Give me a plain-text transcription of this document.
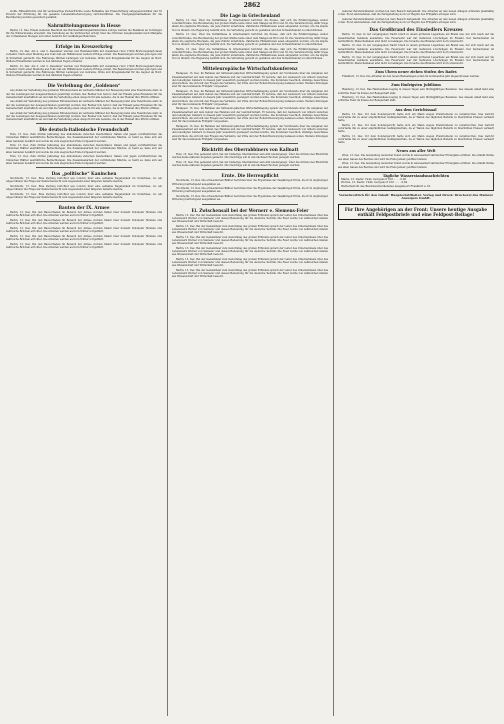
2862

stoffe, Hülsenfrüchte und für sechswertige Zuckerfrüchte sowie Rohkaffee der Preiserhöhung entgegenzuwirken und 35 Prozent der Erhöhung für die gesamte Lebensmittelversorgung zurückzuführen. Die Übergangsmaßnahmen für die Bevölkerung werden gesondert gestaltet.

Nahrmittelungsmesse in Hesse

Berlin, 13. Dez. Einem weiteren Beschluß des Reichsernährungsministeriums zufolge werden die Bestände an Vorratsgut für die Wintermonate erweitert. Die Verteilung an die Verbraucher erfolgt über die örtlichen Ausgabestellen nach Maßgabe der vorhandenen Mengen und unter Aufsicht der zuständigen Behörden.

Erfolge im Kreuzerkrieg

Berlin, 13. Dez. Am 2. und 3. Dezember wurden vier Handelsschiffe mit zusammen rund 17000 Bruttoregistertonnen versenkt. Nach einer Meldung aus Tokio hat ein Hilfskreuzer weitere Erfolge erzielt. Die Besatzungen wurden geborgen und in Sicherheit gebracht. Die Fahrzeuge führten Ladungen von Getreide, Wolle und Kriegsmaterial für die Gegner an Bord. Weitere Einzelheiten werden in den nächsten Tagen erwartet.

Berlin, 13. Dez. Am 2. und 3. Dezember wurden vier Handelsschiffe mit zusammen rund 17000 Bruttoregistertonnen versenkt. Nach einer Meldung aus Tokio hat ein Hilfskreuzer weitere Erfolge erzielt. Die Besatzungen wurden geborgen und in Sicherheit gebracht. Die Fahrzeuge führten Ladungen von Getreide, Wolle und Kriegsmaterial für die Gegner an Bord. Weitere Einzelheiten werden in den nächsten Tagen erwartet.

Die Verleihung der „Goldenen“

Aus Anlaß der Verleihung des goldenen Ehrenzeichens an verdiente Männer der Bewegung fand eine Feierstunde statt, in der die Leistungen der Ausgezeichneten gewürdigt wurden. Der Redner hob hervor, daß der Einsatz jedes Einzelnen für die Gemeinschaft unerläßlich sei und daß die Verleihung einen Ansporn für alle bedeute, die in der Heimat ihre Pflicht erfüllen.

Aus Anlaß der Verleihung des goldenen Ehrenzeichens an verdiente Männer der Bewegung fand eine Feierstunde statt, in der die Leistungen der Ausgezeichneten gewürdigt wurden. Der Redner hob hervor, daß der Einsatz jedes Einzelnen für die Gemeinschaft unerläßlich sei und daß die Verleihung einen Ansporn für alle bedeute, die in der Heimat ihre Pflicht erfüllen.

Aus Anlaß der Verleihung des goldenen Ehrenzeichens an verdiente Männer der Bewegung fand eine Feierstunde statt, in der die Leistungen der Ausgezeichneten gewürdigt wurden. Der Redner hob hervor, daß der Einsatz jedes Einzelnen für die Gemeinschaft unerläßlich sei und daß die Verleihung einen Ansporn für alle bedeute, die in der Heimat ihre Pflicht erfüllen.

Die deutsch-italienische Freundschaft

Rom, 13. Dez. Zum dritten Jahrestag des Abkommens zwischen Deutschland, Italien und Japan veröffentlichen die römischen Blätter ausführliche Betrachtungen. Die Zusammenarbeit der verbündeten Mächte, so heißt es, habe sich auf allen Gebieten bewährt und werde bis zum siegreichen Ende fortgesetzt werden.

Rom, 13. Dez. Zum dritten Jahrestag des Abkommens zwischen Deutschland, Italien und Japan veröffentlichen die römischen Blätter ausführliche Betrachtungen. Die Zusammenarbeit der verbündeten Mächte, so heißt es, habe sich auf allen Gebieten bewährt und werde bis zum siegreichen Ende fortgesetzt werden.

Rom, 13. Dez. Zum dritten Jahrestag des Abkommens zwischen Deutschland, Italien und Japan veröffentlichen die römischen Blätter ausführliche Betrachtungen. Die Zusammenarbeit der verbündeten Mächte, so heißt es, habe sich auf allen Gebieten bewährt und werde bis zum siegreichen Ende fortgesetzt werden.

Das „politische“ Kaninchen

Stockholm, 13. Dez. Eine Zeitung berichtet aus London über eine seltsame Begebenheit im Unterhaus, wo ein Abgeordneter die Frage der Kaninchenzucht zum Gegenstand einer längeren Debatte machte.

Stockholm, 13. Dez. Eine Zeitung berichtet aus London über eine seltsame Begebenheit im Unterhaus, wo ein Abgeordneter die Frage der Kaninchenzucht zum Gegenstand einer längeren Debatte machte.

Stockholm, 13. Dez. Eine Zeitung berichtet aus London über eine seltsame Begebenheit im Unterhaus, wo ein Abgeordneter die Frage der Kaninchenzucht zum Gegenstand einer längeren Debatte machte.

Bauten der IX. Armee

Berlin, 13. Dez. Bei den Bauvorhaben im Bereich der Armee wurden bisher über hundert Kilometer Straßen und zahlreiche Brücken errichtet. Die Arbeiten werden auch im Winter fortgeführt.

Berlin, 13. Dez. Bei den Bauvorhaben im Bereich der Armee wurden bisher über hundert Kilometer Straßen und zahlreiche Brücken errichtet. Die Arbeiten werden auch im Winter fortgeführt.

Berlin, 13. Dez. Bei den Bauvorhaben im Bereich der Armee wurden bisher über hundert Kilometer Straßen und zahlreiche Brücken errichtet. Die Arbeiten werden auch im Winter fortgeführt.

Berlin, 13. Dez. Bei den Bauvorhaben im Bereich der Armee wurden bisher über hundert Kilometer Straßen und zahlreiche Brücken errichtet. Die Arbeiten werden auch im Winter fortgeführt.

Berlin, 13. Dez. Bei den Bauvorhaben im Bereich der Armee wurden bisher über hundert Kilometer Straßen und zahlreiche Brücken errichtet. Die Arbeiten werden auch im Winter fortgeführt.

Die Lage in Griechenland

Berlin, 13. Dez. Über die Verhältnisse in Griechenland berichtet die Presse, daß sich die Ernährungslage weiter verschärft habe. Die Bevölkerung der großen Städte leide unter dem Mangel an Brot und Öl. Die Verantwortung dafür trage allein die englische Blockade, die jede Zufuhr unterbinde. Zahlreiche Hilfsaktionen seien eingeleitet worden, um die ärgste Not zu lindern. Die Regierung bemüht sich, die Verteilung gerecht zu gestalten und den Schwarzhandel zu unterdrücken.

Berlin, 13. Dez. Über die Verhältnisse in Griechenland berichtet die Presse, daß sich die Ernährungslage weiter verschärft habe. Die Bevölkerung der großen Städte leide unter dem Mangel an Brot und Öl. Die Verantwortung dafür trage allein die englische Blockade, die jede Zufuhr unterbinde. Zahlreiche Hilfsaktionen seien eingeleitet worden, um die ärgste Not zu lindern. Die Regierung bemüht sich, die Verteilung gerecht zu gestalten und den Schwarzhandel zu unterdrücken.

Berlin, 13. Dez. Über die Verhältnisse in Griechenland berichtet die Presse, daß sich die Ernährungslage weiter verschärft habe. Die Bevölkerung der großen Städte leide unter dem Mangel an Brot und Öl. Die Verantwortung dafür trage allein die englische Blockade, die jede Zufuhr unterbinde. Zahlreiche Hilfsaktionen seien eingeleitet worden, um die ärgste Not zu lindern. Die Regierung bemüht sich, die Verteilung gerecht zu gestalten und den Schwarzhandel zu unterdrücken.

Mitteleuropäische Wirtschaftskonferenz

Budapest, 13. Dez. Im Rahmen der mitteleuropäischen Wirtschaftstagung sprach der Vorsitzende über die Aufgaben der Zusammenarbeit auf dem Gebiet des Handels und der Landwirtschaft. Er betonte, daß der Austausch von Gütern zwischen den beteiligten Ländern in diesem Jahr wesentlich gesteigert werden konnte. Die Konferenz beschloß, ständige Ausschüsse einzurichten, die sich mit den Fragen des Verkehrs, der Zölle und der Rohstoffversorgung befassen sollen. Weitere Sitzungen sind für das kommende Frühjahr vorgesehen.

Budapest, 13. Dez. Im Rahmen der mitteleuropäischen Wirtschaftstagung sprach der Vorsitzende über die Aufgaben der Zusammenarbeit auf dem Gebiet des Handels und der Landwirtschaft. Er betonte, daß der Austausch von Gütern zwischen den beteiligten Ländern in diesem Jahr wesentlich gesteigert werden konnte. Die Konferenz beschloß, ständige Ausschüsse einzurichten, die sich mit den Fragen des Verkehrs, der Zölle und der Rohstoffversorgung befassen sollen. Weitere Sitzungen sind für das kommende Frühjahr vorgesehen.

Budapest, 13. Dez. Im Rahmen der mitteleuropäischen Wirtschaftstagung sprach der Vorsitzende über die Aufgaben der Zusammenarbeit auf dem Gebiet des Handels und der Landwirtschaft. Er betonte, daß der Austausch von Gütern zwischen den beteiligten Ländern in diesem Jahr wesentlich gesteigert werden konnte. Die Konferenz beschloß, ständige Ausschüsse einzurichten, die sich mit den Fragen des Verkehrs, der Zölle und der Rohstoffversorgung befassen sollen. Weitere Sitzungen sind für das kommende Frühjahr vorgesehen.

Budapest, 13. Dez. Im Rahmen der mitteleuropäischen Wirtschaftstagung sprach der Vorsitzende über die Aufgaben der Zusammenarbeit auf dem Gebiet des Handels und der Landwirtschaft. Er betonte, daß der Austausch von Gütern zwischen den beteiligten Ländern in diesem Jahr wesentlich gesteigert werden konnte. Die Konferenz beschloß, ständige Ausschüsse einzurichten, die sich mit den Fragen des Verkehrs, der Zölle und der Rohstoffversorgung befassen sollen. Weitere Sitzungen sind für das kommende Frühjahr vorgesehen.

Rücktritt des Oberrabbiners von Kallnatt

Rom, 13. Dez. Wie gemeldet wird, hat der bisherige Oberrabbiner sein Amt niedergelegt. Über die Gründe des Rücktritts werden keine näheren Angaben gemacht. Die Nachfolge soll in den nächsten Wochen geregelt werden.

Rom, 13. Dez. Wie gemeldet wird, hat der bisherige Oberrabbiner sein Amt niedergelegt. Über die Gründe des Rücktritts werden keine näheren Angaben gemacht. Die Nachfolge soll in den nächsten Wochen geregelt werden.

Ernte. Die Herrenpflicht

Stockholm, 13. Dez. Die schwedischen Blätter berichten über die Ergebnisse der diesjährigen Ernte, die trotz ungünstiger Witterung befriedigend ausgefallen sei.

Stockholm, 13. Dez. Die schwedischen Blätter berichten über die Ergebnisse der diesjährigen Ernte, die trotz ungünstiger Witterung befriedigend ausgefallen sei.

Stockholm, 13. Dez. Die schwedischen Blätter berichten über die Ergebnisse der diesjährigen Ernte, die trotz ungünstiger Witterung befriedigend ausgefallen sei.

Ei. Zwischensall bei der Wernerr e. Siemens-Feier

Berlin, 13. Dez. Bei der Gedenkfeier zum Geburtstag des großen Erfinders sprach der Leiter des Unternehmens über das Lebenswerk Werner von Siemens' und dessen Bedeutung für die deutsche Technik. Die Feier wurde von zahlreichen Gästen aus Wissenschaft und Wirtschaft besucht.

Berlin, 13. Dez. Bei der Gedenkfeier zum Geburtstag des großen Erfinders sprach der Leiter des Unternehmens über das Lebenswerk Werner von Siemens' und dessen Bedeutung für die deutsche Technik. Die Feier wurde von zahlreichen Gästen aus Wissenschaft und Wirtschaft besucht.

Berlin, 13. Dez. Bei der Gedenkfeier zum Geburtstag des großen Erfinders sprach der Leiter des Unternehmens über das Lebenswerk Werner von Siemens' und dessen Bedeutung für die deutsche Technik. Die Feier wurde von zahlreichen Gästen aus Wissenschaft und Wirtschaft besucht.

Berlin, 13. Dez. Bei der Gedenkfeier zum Geburtstag des großen Erfinders sprach der Leiter des Unternehmens über das Lebenswerk Werner von Siemens' und dessen Bedeutung für die deutsche Technik. Die Feier wurde von zahlreichen Gästen aus Wissenschaft und Wirtschaft besucht.

Berlin, 13. Dez. Bei der Gedenkfeier zum Geburtstag des großen Erfinders sprach der Leiter des Unternehmens über das Lebenswerk Werner von Siemens' und dessen Bedeutung für die deutsche Technik. Die Feier wurde von zahlreichen Gästen aus Wissenschaft und Wirtschaft besucht.

Berlin, 13. Dez. Bei der Gedenkfeier zum Geburtstag des großen Erfinders sprach der Leiter des Unternehmens über das Lebenswerk Werner von Siemens' und dessen Bedeutung für die deutsche Technik. Die Feier wurde von zahlreichen Gästen aus Wissenschaft und Wirtschaft besucht.

weiterer Persönlichkeiten wurden bei dem Besuch festgestellt. Die Arbeiten an den neuen Anlagen schreiten planmäßig voran. Es ist anzunehmen, daß die Fertigstellung noch vor Beginn des Frühjahrs erfolgen wird.

weiterer Persönlichkeiten wurden bei dem Besuch festgestellt. Die Arbeiten an den neuen Anlagen schreiten planmäßig voran. Es ist anzunehmen, daß die Fertigstellung noch vor Beginn des Frühjahrs erfolgen wird.

Das Großbrand des Einsiedlers Kreuzes

Berlin, 13. Dez. In der vergangenen Nacht brach in einem größeren Lagerhaus ein Brand aus, der sich rasch auf die benachbarten Gebäude ausdehnte. Die Feuerwehr war mit mehreren Löschzügen im Einsatz. Der Sachschaden ist beträchtlich; Menschenleben sind nicht zu beklagen. Die Ursache des Brandes wird noch untersucht.

Berlin, 13. Dez. In der vergangenen Nacht brach in einem größeren Lagerhaus ein Brand aus, der sich rasch auf die benachbarten Gebäude ausdehnte. Die Feuerwehr war mit mehreren Löschzügen im Einsatz. Der Sachschaden ist beträchtlich; Menschenleben sind nicht zu beklagen. Die Ursache des Brandes wird noch untersucht.

Berlin, 13. Dez. In der vergangenen Nacht brach in einem größeren Lagerhaus ein Brand aus, der sich rasch auf die benachbarten Gebäude ausdehnte. Die Feuerwehr war mit mehreren Löschzügen im Einsatz. Der Sachschaden ist beträchtlich; Menschenleben sind nicht zu beklagen. Die Ursache des Brandes wird noch untersucht.

Zum Uhren neuer ziehen Stufen des Bades

Frankfurt, 13. Dez. Die Arbeiten an den neuen Badeanlagen sollen im kommenden Jahr abgeschlossen werden.

Zum fünfzigsten Jubiläum

Hamburg, 13. Dez. Das Handelshaus beging in diesen Tagen sein fünfzigjähriges Bestehen. Aus diesem Anlaß fand eine schlichte Feier im Kreise der Belegschaft statt.

Hamburg, 13. Dez. Das Handelshaus beging in diesen Tagen sein fünfzigjähriges Bestehen. Aus diesem Anlaß fand eine schlichte Feier im Kreise der Belegschaft statt.

Aus dem Gerichtssaal

Berlin, 13. Dez. Vor dem Sondergericht hatte sich ein Mann wegen Preistreiberei zu verantworten. Das Gericht verurteilte ihn zu einer empfindlichen Gefängnisstrafe, da er Waren des täglichen Bedarfs zu überhöhten Preisen verkauft hatte.

Berlin, 13. Dez. Vor dem Sondergericht hatte sich ein Mann wegen Preistreiberei zu verantworten. Das Gericht verurteilte ihn zu einer empfindlichen Gefängnisstrafe, da er Waren des täglichen Bedarfs zu überhöhten Preisen verkauft hatte.

Berlin, 13. Dez. Vor dem Sondergericht hatte sich ein Mann wegen Preistreiberei zu verantworten. Das Gericht verurteilte ihn zu einer empfindlichen Gefängnisstrafe, da er Waren des täglichen Bedarfs zu überhöhten Preisen verkauft hatte.

Neues aus aller Welt

Wien, 13. Dez. Die Ausstellung deutscher Kunst wurde in Anwesenheit zahlreicher Ehrengäste eröffnet. Sie umfaßt Werke aus allen Gauen des Reiches und wird bis Ende Januar geöffnet bleiben.

Wien, 13. Dez. Die Ausstellung deutscher Kunst wurde in Anwesenheit zahlreicher Ehrengäste eröffnet. Sie umfaßt Werke aus allen Gauen des Reiches und wird bis Ende Januar geöffnet bleiben.

Tägliche Wasserstandsnachrichten
Mainz, 13. Dezbr. 1942, morgens 6 Uhr . . . . 0,92
Worms, 13. Dezbr. 1942, morgens 6 Uhr . . . . 0,84
Wetterbericht des Reichswetterdienstes Ausgabeort Frankfurt a. M.
Verantwortlich für den Inhalt: Hauptschriftleiter. Verlag und Druck: Druckerei des Mainzer Anzeigers GmbH.
Für Ihre Angehörigen an der Front: Unsere heutige Ausgabe enthält Feldpostbriefe und eine Feldpost-Beilage!
